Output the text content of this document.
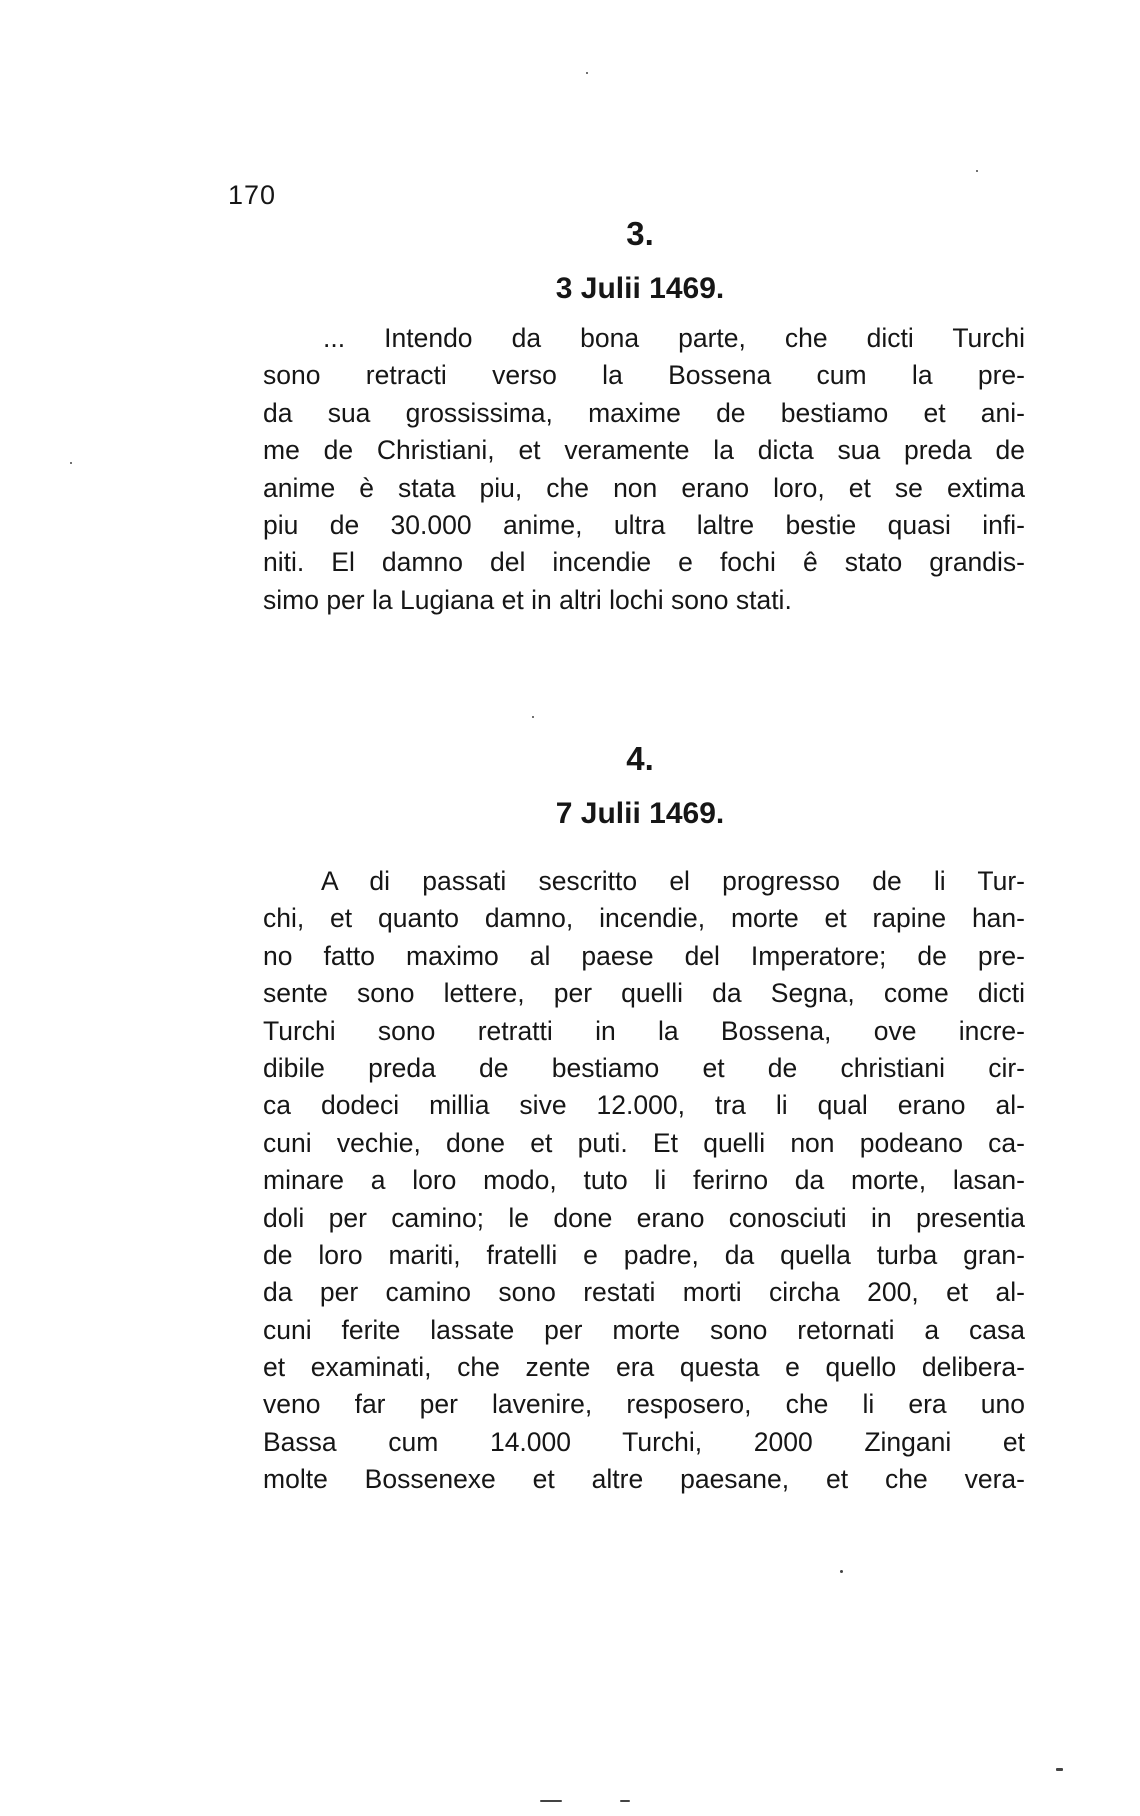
170
3.
3 Julii 1469.
... Intendo da bona parte, che dicti Turchi
sono retracti verso la Bossena cum la pre-
da sua grossissima, maxime de bestiamo et ani-
me de Christiani, et veramente la dicta sua preda de
anime è stata piu, che non erano loro, et se extima
piu de 30.000 anime, ultra laltre bestie quasi infi-
niti. El damno del incendie e fochi ê stato grandis-
simo per la Lugiana et in altri lochi sono stati.
4.
7 Julii 1469.
A di passati sescritto el progresso de li Tur-
chi, et quanto damno, incendie, morte et rapine han-
no fatto maximo al paese del Imperatore; de pre-
sente sono lettere, per quelli da Segna, come dicti
Turchi sono retratti in la Bossena, ove incre-
dibile preda de bestiamo et de christiani cir-
ca dodeci millia sive 12.000, tra li qual erano al-
cuni vechie, done et puti. Et quelli non podeano ca-
minare a loro modo, tuto li ferirno da morte, lasan-
doli per camino; le done erano conosciuti in presentia
de loro mariti, fratelli e padre, da quella turba gran-
da per camino sono restati morti circha 200, et al-
cuni ferite lassate per morte sono retornati a casa
et examinati, che zente era questa e quello delibera-
veno far per lavenire, resposero, che li era uno
Bassa cum 14.000 Turchi, 2000 Zingani et
molte Bossenexe et altre paesane, et che vera-
